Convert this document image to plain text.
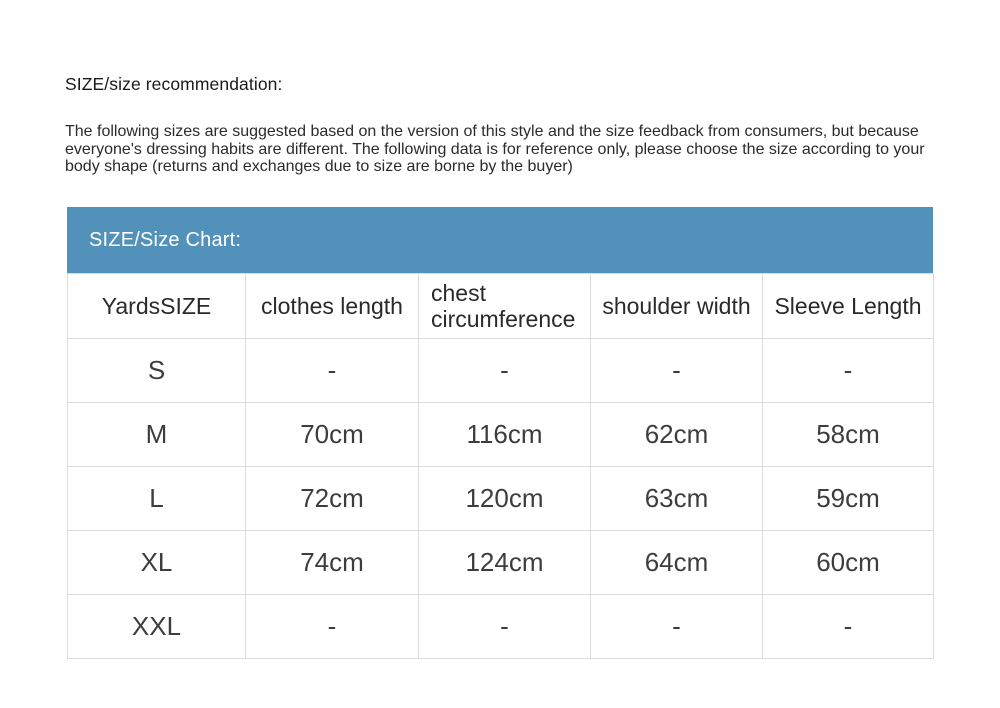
SIZE/size recommendation:
The following sizes are suggested based on the version of this style and the size feedback from consumers, but because everyone's dressing habits are different. The following data is for reference only, please choose the size according to your body shape (returns and exchanges due to size are borne by the buyer)
SIZE/Size Chart:
YardsSIZE	clothes length	chest circumference	shoulder width	Sleeve Length
S	-	-	-	-
M	70cm	116cm	62cm	58cm
L	72cm	120cm	63cm	59cm
XL	74cm	124cm	64cm	60cm
XXL	-	-	-	-
